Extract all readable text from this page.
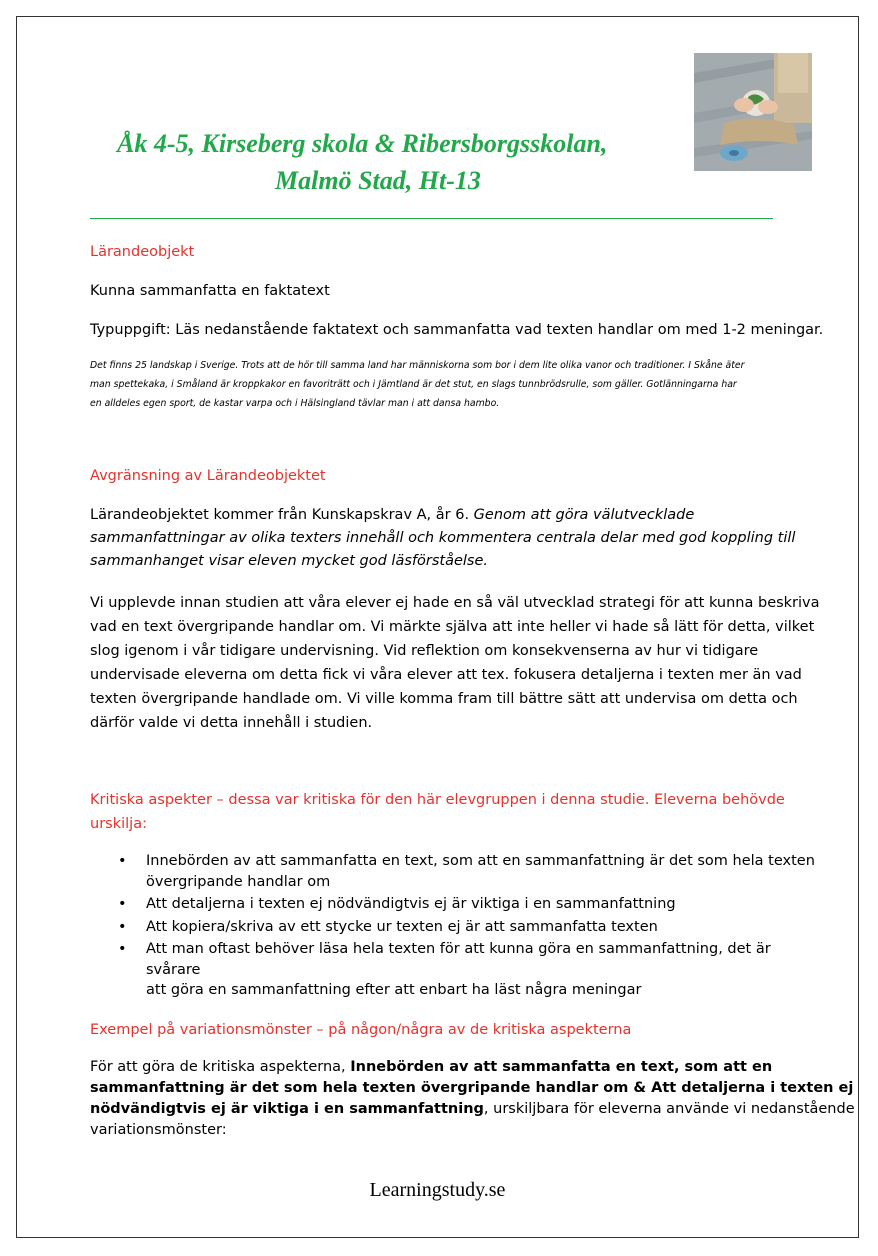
Åk 4-5, Kirseberg skola & Ribersborgsskolan,
Malmö Stad, Ht-13
Lärandeobjekt
Kunna sammanfatta en faktatext
Typuppgift: Läs nedanstående faktatext och sammanfatta vad texten handlar om med 1-2 meningar.
Det finns 25 landskap i Sverige. Trots att de hör till samma land har människorna som bor i dem lite olika vanor och traditioner. I Skåne äter
man spettekaka, i Småland är kroppkakor en favoriträtt och i Jämtland är det stut, en slags tunnbrödsrulle, som gäller. Gotlänningarna har
en alldeles egen sport, de kastar varpa och i Hälsingland tävlar man i att dansa hambo.
Avgränsning av Lärandeobjektet
Lärandeobjektet kommer från Kunskapskrav A, år 6. Genom att göra välutvecklade
sammanfattningar av olika texters innehåll och kommentera centrala delar med god koppling till
sammanhanget visar eleven mycket god läsförståelse.
Vi upplevde innan studien att våra elever ej hade en så väl utvecklad strategi för att kunna beskriva
vad en text övergripande handlar om. Vi märkte själva att inte heller vi hade så lätt för detta, vilket
slog igenom i vår tidigare undervisning. Vid reflektion om konsekvenserna av hur vi tidigare
undervisade eleverna om detta fick vi våra elever att tex. fokusera detaljerna i texten mer än vad
texten övergripande handlade om. Vi ville komma fram till bättre sätt att undervisa om detta och
därför valde vi detta innehåll i studien.
Kritiska aspekter – dessa var kritiska för den här elevgruppen i denna studie. Eleverna behövde
urskilja:
• Innebörden av att sammanfatta en text, som att en sammanfattning är det som hela texten
övergripande handlar om
• Att detaljerna i texten ej nödvändigtvis ej är viktiga i en sammanfattning
• Att kopiera/skriva av ett stycke ur texten ej är att sammanfatta texten
• Att man oftast behöver läsa hela texten för att kunna göra en sammanfattning, det är svårare
att göra en sammanfattning efter att enbart ha läst några meningar
Exempel på variationsmönster – på någon/några av de kritiska aspekterna
För att göra de kritiska aspekterna, Innebörden av att sammanfatta en text, som att en
sammanfattning är det som hela texten övergripande handlar om & Att detaljerna i texten ej
nödvändigtvis ej är viktiga i en sammanfattning, urskiljbara för eleverna använde vi nedanstående
variationsmönster:
Learningstudy.se
